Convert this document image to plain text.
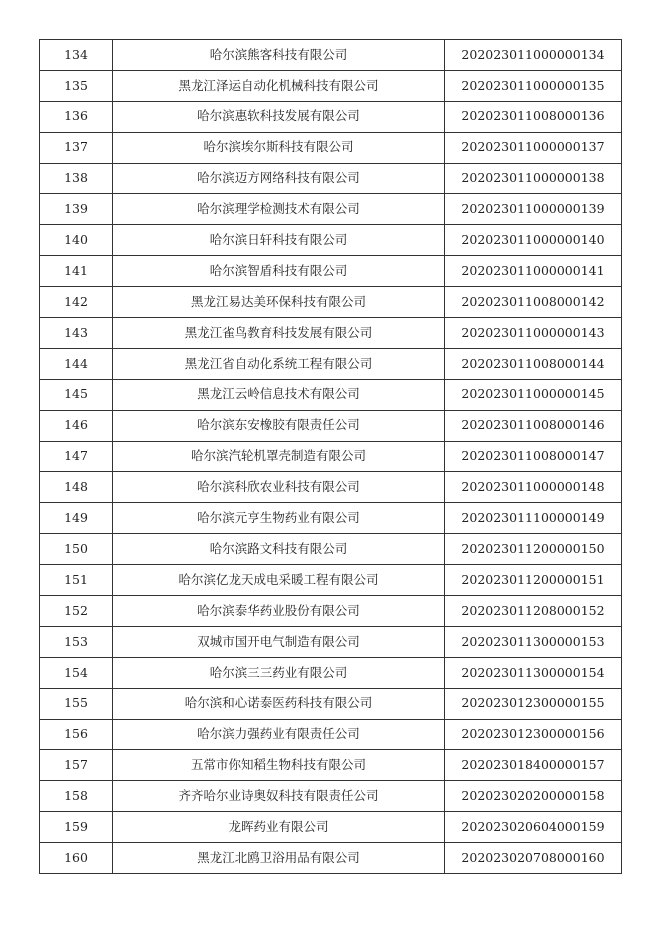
134	哈尔滨熊客科技有限公司	202023011000000134
135	黑龙江泽运自动化机械科技有限公司	202023011000000135
136	哈尔滨惠软科技发展有限公司	202023011008000136
137	哈尔滨埃尔斯科技有限公司	202023011000000137
138	哈尔滨迈方网络科技有限公司	202023011000000138
139	哈尔滨理学检测技术有限公司	202023011000000139
140	哈尔滨日轩科技有限公司	202023011000000140
141	哈尔滨智盾科技有限公司	202023011000000141
142	黑龙江易达美环保科技有限公司	202023011008000142
143	黑龙江雀鸟教育科技发展有限公司	202023011000000143
144	黑龙江省自动化系统工程有限公司	202023011008000144
145	黑龙江云岭信息技术有限公司	202023011000000145
146	哈尔滨东安橡胶有限责任公司	202023011008000146
147	哈尔滨汽轮机罩壳制造有限公司	202023011008000147
148	哈尔滨科欣农业科技有限公司	202023011000000148
149	哈尔滨元亨生物药业有限公司	202023011100000149
150	哈尔滨路文科技有限公司	202023011200000150
151	哈尔滨亿龙天成电采暖工程有限公司	202023011200000151
152	哈尔滨泰华药业股份有限公司	202023011208000152
153	双城市国开电气制造有限公司	202023011300000153
154	哈尔滨三三药业有限公司	202023011300000154
155	哈尔滨和心诺泰医药科技有限公司	202023012300000155
156	哈尔滨力强药业有限责任公司	202023012300000156
157	五常市你知稻生物科技有限公司	202023018400000157
158	齐齐哈尔业诗奥奴科技有限责任公司	202023020200000158
159	龙晖药业有限公司	202023020604000159
160	黑龙江北鸥卫浴用品有限公司	202023020708000160
